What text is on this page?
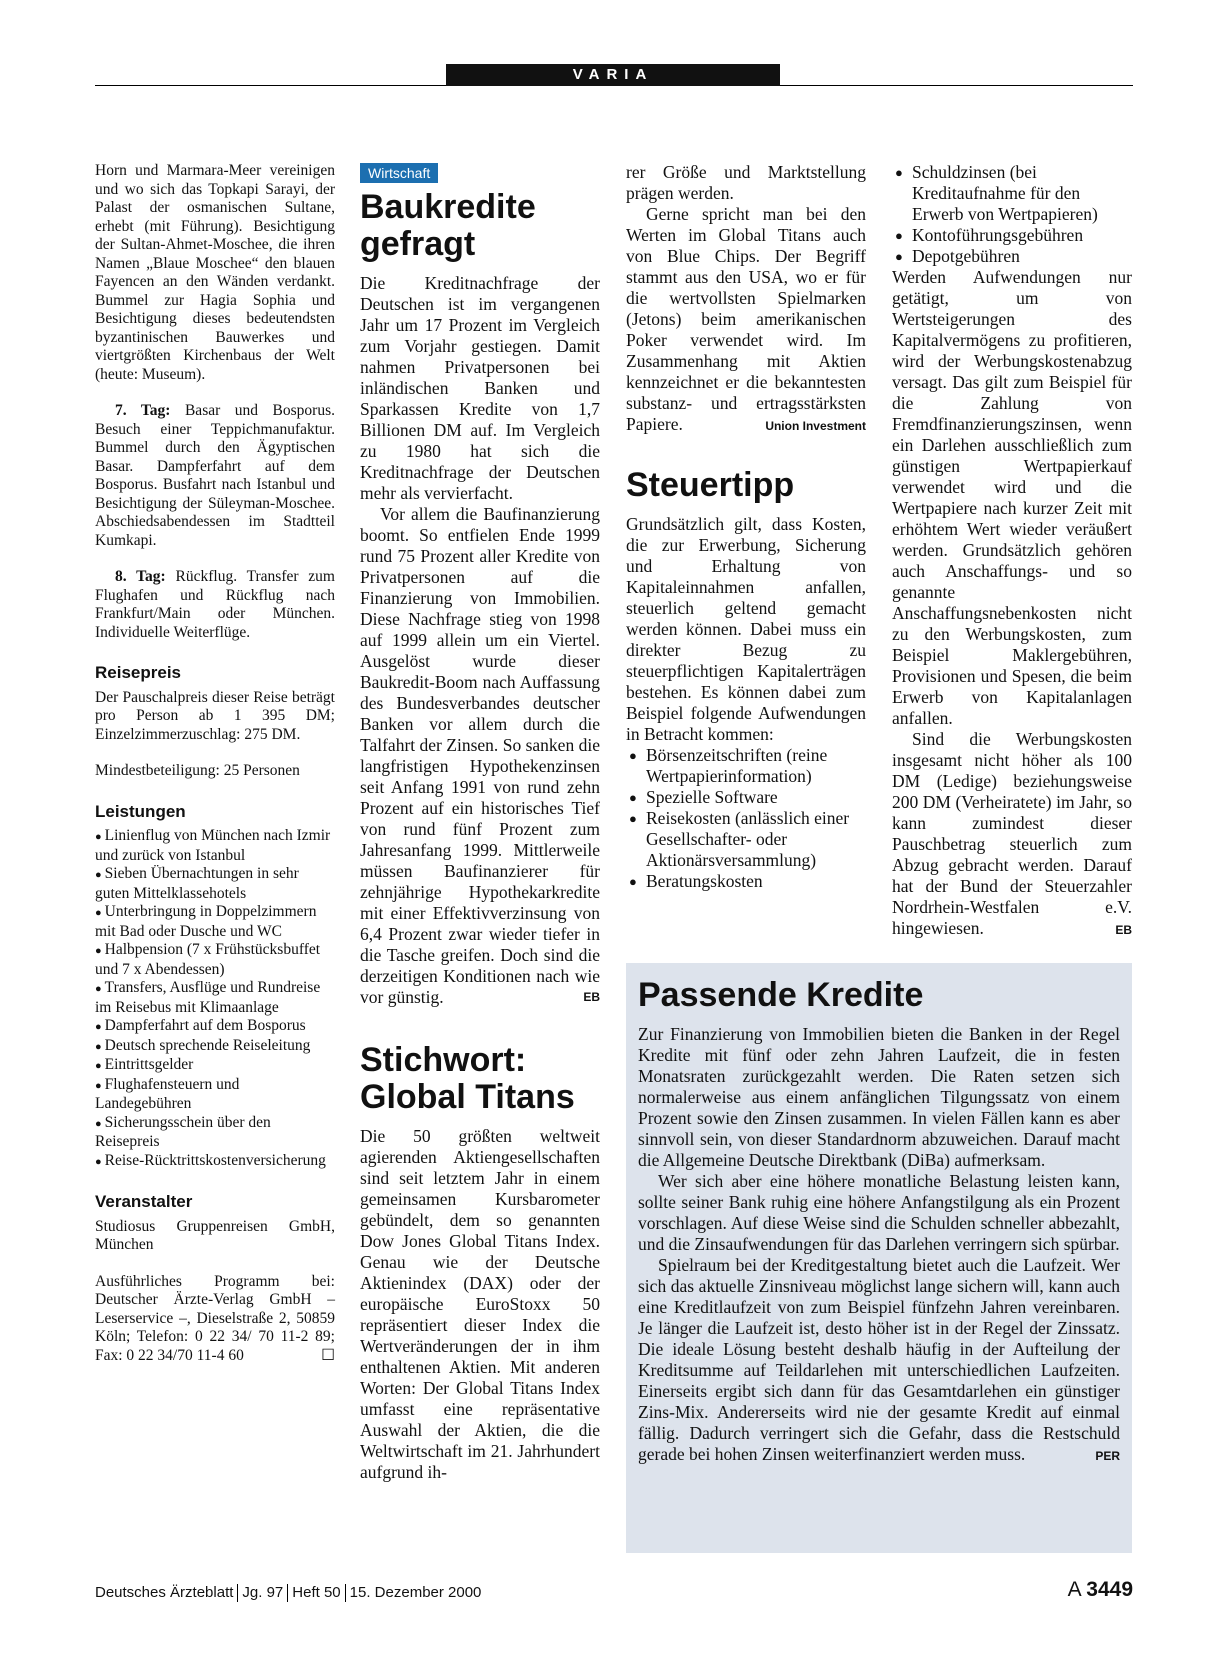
VARIA

Horn und Marmara-Meer vereinigen und wo sich das Topkapi Sarayi, der Palast der osmanischen Sultane, erhebt (mit Führung). Besichtigung der Sultan-Ahmet-Moschee, die ihren Namen „Blaue Moschee“ den blauen Fayencen an den Wänden verdankt. Bummel zur Hagia Sophia und Besichtigung dieses bedeutendsten byzantinischen Bauwerkes und viertgrößten Kirchenbaus der Welt (heute: Museum).

7. Tag: Basar und Bosporus. Besuch einer Teppichmanufaktur. Bummel durch den Ägyptischen Basar. Dampferfahrt auf dem Bosporus. Busfahrt nach Istanbul und Besichtigung der Süleyman-Moschee. Abschiedsabendessen im Stadtteil Kumkapi.

8. Tag: Rückflug. Transfer zum Flughafen und Rückflug nach Frankfurt/Main oder München. Individuelle Weiterflüge.

Reisepreis

Der Pauschalpreis dieser Reise beträgt pro Person ab 1 395 DM; Einzelzimmerzuschlag: 275 DM.

Mindestbeteiligung: 25 Personen

Leistungen
● Linienflug von München nach Izmir und zurück von Istanbul
● Sieben Übernachtungen in sehr guten Mittelklassehotels
● Unterbringung in Doppelzimmern mit Bad oder Dusche und WC
● Halbpension (7 x Frühstücksbuffet und 7 x Abendessen)
● Transfers, Ausflüge und Rundreise im Reisebus mit Klimaanlage
● Dampferfahrt auf dem Bosporus
● Deutsch sprechende Reiseleitung
● Eintrittsgelder
● Flughafensteuern und Landegebühren
● Sicherungsschein über den Reisepreis
● Reise-Rücktrittskostenversicherung
Veranstalter

Studiosus Gruppenreisen GmbH, München

Ausführliches Programm bei: Deutscher Ärzte-Verlag GmbH – Leserservice –, Dieselstraße 2, 50859 Köln; Telefon: 0 22 34/ 70 11-2 89; Fax: 0 22 34/70 11-4 60	☐

Wirtschaft
Baukredite gefragt

Die Kreditnachfrage der Deutschen ist im vergangenen Jahr um 17 Prozent im Vergleich zum Vorjahr gestiegen. Damit nahmen Privatpersonen bei inländischen Banken und Sparkassen Kredite von 1,7 Billionen DM auf. Im Vergleich zu 1980 hat sich die Kreditnachfrage der Deutschen mehr als vervierfacht.

Vor allem die Baufinanzierung boomt. So entfielen Ende 1999 rund 75 Prozent aller Kredite von Privatpersonen auf die Finanzierung von Immobilien. Diese Nachfrage stieg von 1998 auf 1999 allein um ein Viertel. Ausgelöst wurde dieser Baukredit-Boom nach Auffassung des Bundesverbandes deutscher Banken vor allem durch die Talfahrt der Zinsen. So sanken die langfristigen Hypothekenzinsen seit Anfang 1991 von rund zehn Prozent auf ein historisches Tief von rund fünf Prozent zum Jahresanfang 1999. Mittlerweile müssen Baufinanzierer für zehnjährige Hypothekarkredite mit einer Effektivverzinsung von 6,4 Prozent zwar wieder tiefer in die Tasche greifen. Doch sind die derzeitigen Konditionen nach wie vor günstig.	EB

Stichwort: Global Titans

Die 50 größten weltweit agierenden Aktiengesellschaften sind seit letztem Jahr in einem gemeinsamen Kursbarometer gebündelt, dem so genannten Dow Jones Global Titans Index. Genau wie der Deutsche Aktienindex (DAX) oder der europäische EuroStoxx 50 repräsentiert dieser Index die Wertveränderungen der in ihm enthaltenen Aktien. Mit anderen Worten: Der Global Titans Index umfasst eine repräsentative Auswahl der Aktien, die die Weltwirtschaft im 21. Jahrhundert aufgrund ih-

rer Größe und Marktstellung prägen werden.

Gerne spricht man bei den Werten im Global Titans auch von Blue Chips. Der Begriff stammt aus den USA, wo er für die wertvollsten Spielmarken (Jetons) beim amerikanischen Poker verwendet wird. Im Zusammenhang mit Aktien kennzeichnet er die bekanntesten substanz- und ertragsstärksten Papiere.	Union Investment

Steuertipp

Grundsätzlich gilt, dass Kosten, die zur Erwerbung, Sicherung und Erhaltung von Kapitaleinnahmen anfallen, steuerlich geltend gemacht werden können. Dabei muss ein direkter Bezug zu steuerpflichtigen Kapitalerträgen bestehen. Es können dabei zum Beispiel folgende Aufwendungen in Betracht kommen:

● Börsenzeitschriften (reine Wertpapierinformation)
● Spezielle Software
● Reisekosten (anlässlich einer Gesellschafter- oder Aktionärsversammlung)
● Beratungskosten
● Schuldzinsen (bei Kreditaufnahme für den Erwerb von Wertpapieren)
● Kontoführungsgebühren
● Depotgebühren

Werden Aufwendungen nur getätigt, um von Wertsteigerungen des Kapitalvermögens zu profitieren, wird der Werbungskostenabzug versagt. Das gilt zum Beispiel für die Zahlung von Fremdfinanzierungszinsen, wenn ein Darlehen ausschließlich zum günstigen Wertpapierkauf verwendet wird und die Wertpapiere nach kurzer Zeit mit erhöhtem Wert wieder veräußert werden. Grundsätzlich gehören auch Anschaffungs- und so genannte Anschaffungsnebenkosten nicht zu den Werbungskosten, zum Beispiel Maklergebühren, Provisionen und Spesen, die beim Erwerb von Kapitalanlagen anfallen.

Sind die Werbungskosten insgesamt nicht höher als 100 DM (Ledige) beziehungsweise 200 DM (Verheiratete) im Jahr, so kann zumindest dieser Pauschbetrag steuerlich zum Abzug gebracht werden. Darauf hat der Bund der Steuerzahler Nordrhein-Westfalen e.V. hingewiesen.	EB

Passende Kredite

Zur Finanzierung von Immobilien bieten die Banken in der Regel Kredite mit fünf oder zehn Jahren Laufzeit, die in festen Monatsraten zurückgezahlt werden. Die Raten setzen sich normalerweise aus einem anfänglichen Tilgungssatz von einem Prozent sowie den Zinsen zusammen. In vielen Fällen kann es aber sinnvoll sein, von dieser Standardnorm abzuweichen. Darauf macht die Allgemeine Deutsche Direktbank (DiBa) aufmerksam.

Wer sich aber eine höhere monatliche Belastung leisten kann, sollte seiner Bank ruhig eine höhere Anfangstilgung als ein Prozent vorschlagen. Auf diese Weise sind die Schulden schneller abbezahlt, und die Zinsaufwendungen für das Darlehen verringern sich spürbar.

Spielraum bei der Kreditgestaltung bietet auch die Laufzeit. Wer sich das aktuelle Zinsniveau möglichst lange sichern will, kann auch eine Kreditlaufzeit von zum Beispiel fünfzehn Jahren vereinbaren. Je länger die Laufzeit ist, desto höher ist in der Regel der Zinssatz. Die ideale Lösung besteht deshalb häufig in der Aufteilung der Kreditsumme auf Teildarlehen mit unterschiedlichen Laufzeiten. Einerseits ergibt sich dann für das Gesamtdarlehen ein günstiger Zins-Mix. Andererseits wird nie der gesamte Kredit auf einmal fällig. Dadurch verringert sich die Gefahr, dass die Restschuld gerade bei hohen Zinsen weiterfinanziert werden muss.	PER

Deutsches Ärzteblatt Jg. 97 Heft 50 15. Dezember 2000	A 3449
